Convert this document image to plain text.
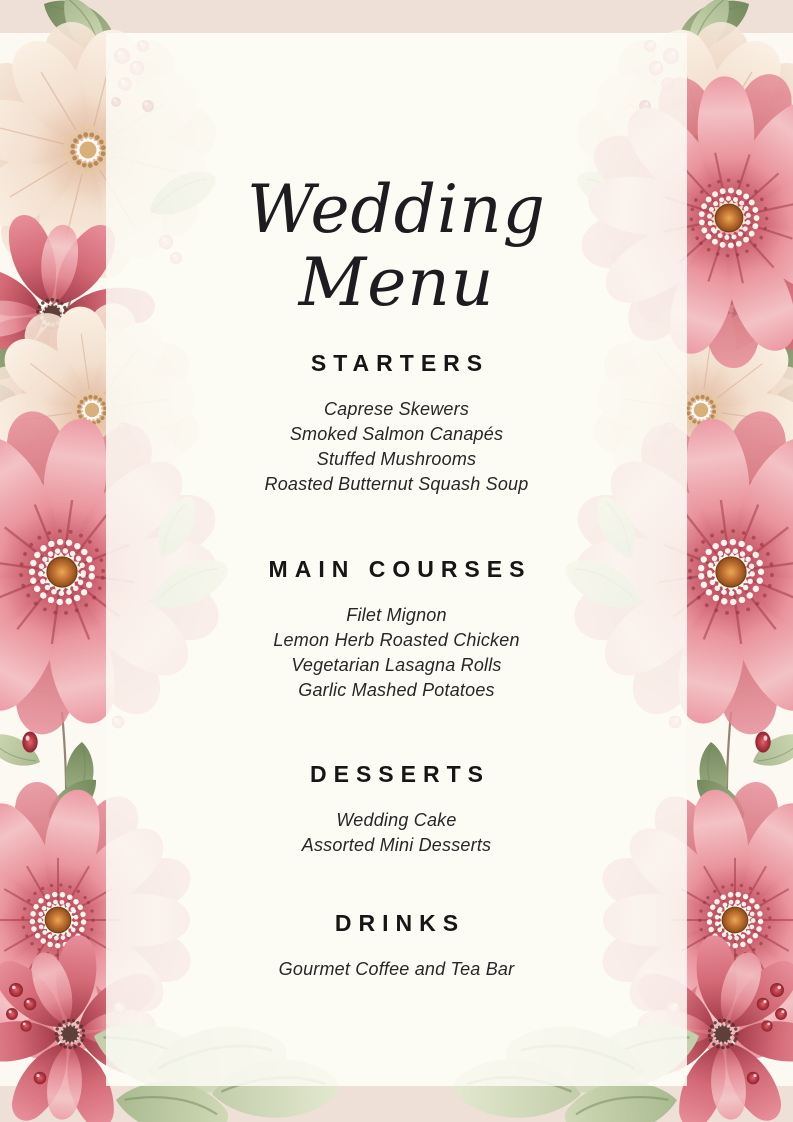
Wedding
Menu
STARTERS
Caprese Skewers
Smoked Salmon Canapés
Stuffed Mushrooms
Roasted Butternut Squash Soup
MAIN COURSES
Filet Mignon
Lemon Herb Roasted Chicken
Vegetarian Lasagna Rolls
Garlic Mashed Potatoes
DESSERTS
Wedding Cake
Assorted Mini Desserts
DRINKS
Gourmet Coffee and Tea Bar
